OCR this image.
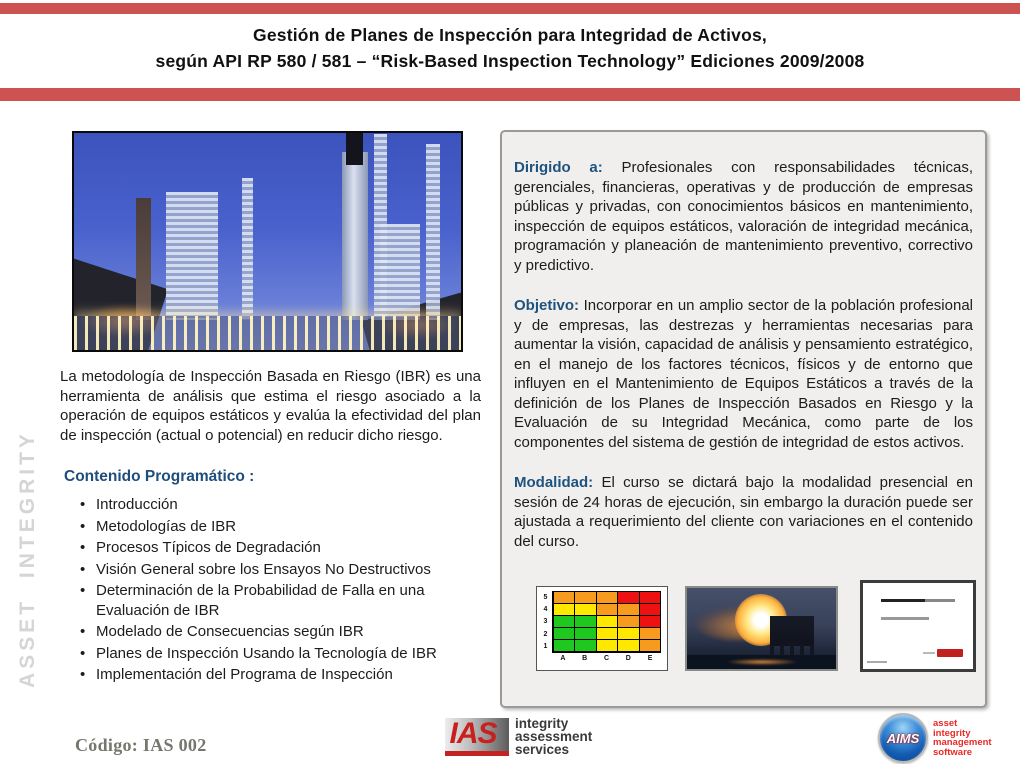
Gestión de Planes de Inspección para Integridad de Activos,
según API RP 580 / 581 – “Risk-Based Inspection Technology” Ediciones 2009/2008

La metodología de Inspección Basada en Riesgo (IBR) es una herramienta de análisis que estima el riesgo asociado a la operación de equipos estáticos y evalúa la efectividad del plan de inspección (actual o potencial) en reducir dicho riesgo.

Contenido Programático :
• Introducción
• Metodologías de IBR
• Procesos Típicos de Degradación
• Visión General sobre los Ensayos No Destructivos
• Determinación de la Probabilidad de Falla en una Evaluación de IBR
• Modelado de Consecuencias según IBR
• Planes de Inspección Usando la Tecnología de IBR
• Implementación del Programa de Inspección

Dirigido a: Profesionales con responsabilidades técnicas, gerenciales, financieras, operativas y de producción de empresas públicas y privadas, con conocimientos básicos en mantenimiento, inspección de equipos estáticos, valoración de integridad mecánica, programación y planeación de mantenimiento preventivo, correctivo y predictivo.

Objetivo: Incorporar en un amplio sector de la población profesional y de empresas, las destrezas y herramientas necesarias para aumentar la visión, capacidad de análisis y pensamiento estratégico, en el manejo de los factores técnicos, físicos y de entorno que influyen en el Mantenimiento de Equipos Estáticos a través de la definición de los Planes de Inspección Basados en Riesgo y la Evaluación de su Integridad Mecánica, como parte de los componentes del sistema de gestión de integridad de estos activos.

Modalidad: El curso se dictará bajo la modalidad presencial en sesión de 24 horas de ejecución, sin embargo la duración puede ser ajustada a requerimiento del cliente con variaciones en el contenido del curso.

5
4
3
2
1
A	B	C	D	E
ASSET INTEGRITY
Código: IAS 002	IAS integrity
assessment
services
AIMS
asset
integrity
management
software
